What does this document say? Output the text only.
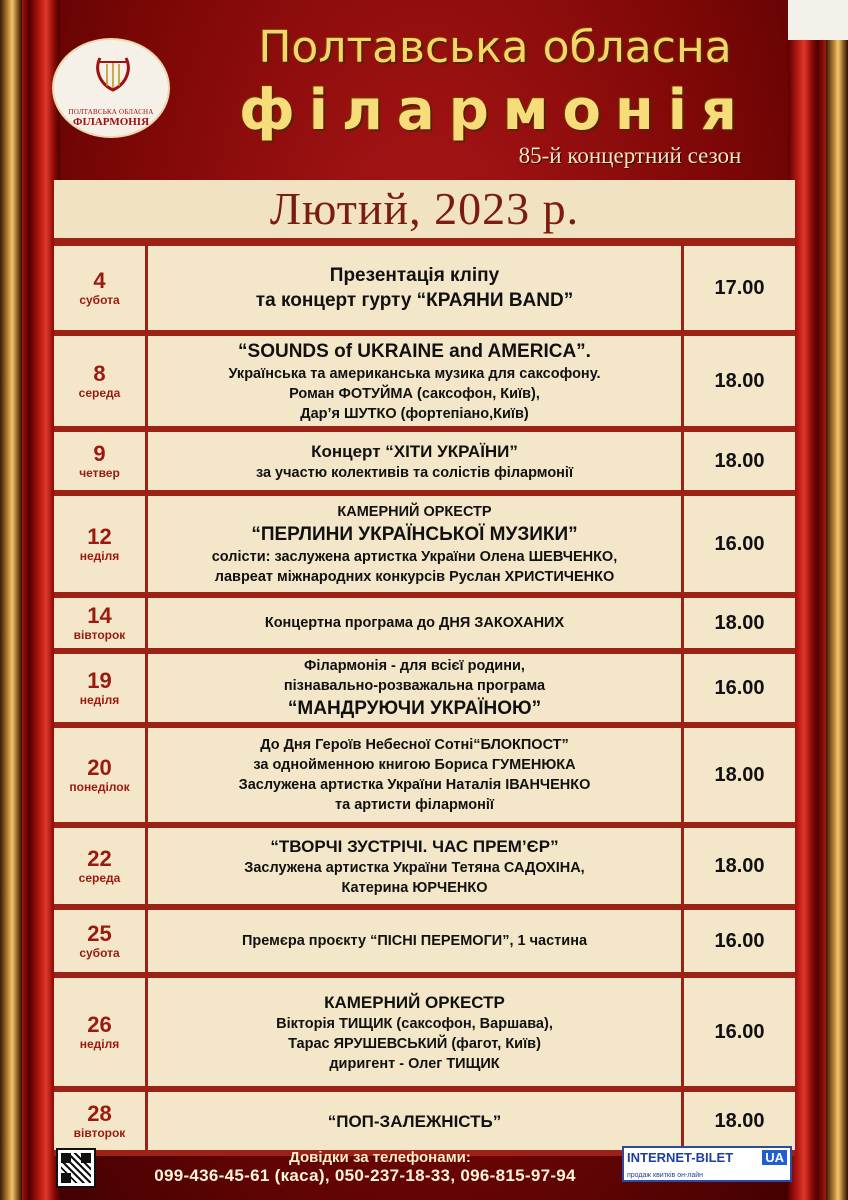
ПОЛТАВСЬКА ОБЛАСНА
ФІЛАРМОНІЯ
Полтавська обласна
філармонія
85-й концертний сезон
Лютий, 2023 р.
4
субота
Презентація кліпу
та концерт гурту “КРАЯНИ BAND”
17.00
8
середа
“SOUNDS of UKRAINE and AMERICA”.
Українська та американська музика для саксофону.
Роман ФОТУЙМА (саксофон, Київ),
Дар’я ШУТКО (фортепіано,Київ)
18.00
9
четвер
Концерт “ХІТИ УКРАЇНИ”
за участю колективів та солістів філармонії
18.00
12
неділя
КАМЕРНИЙ ОРКЕСТР
“ПЕРЛИНИ УКРАЇНСЬКОЇ МУЗИКИ”
солісти: заслужена артистка України Олена ШЕВЧЕНКО,
лавреат міжнародних конкурсів Руслан ХРИСТИЧЕНКО
16.00
14
вівторок
Концертна програма до ДНЯ ЗАКОХАНИХ	18.00
19
неділя
Філармонія - для всієї родини,
пізнавально-розважальна програма
“МАНДРУЮЧИ УКРАЇНОЮ”
16.00
20
понеділок
До Дня Героїв Небесної Сотні“БЛОКПОСТ”
за однойменною книгою Бориса ГУМЕНЮКА
Заслужена артистка України Наталія ІВАНЧЕНКО
та артисти філармонії
18.00
22
середа
“ТВОРЧІ ЗУСТРІЧІ. ЧАС ПРЕМ’ЄР”
Заслужена артистка України Тетяна САДОХІНА,
Катерина ЮРЧЕНКО
18.00
25
субота
Премєра проєкту “ПІСНІ ПЕРЕМОГИ”, 1 частина	16.00
26
неділя
КАМЕРНИЙ ОРКЕСТР
Вікторія ТИЩИК (саксофон, Варшава),
Тарас ЯРУШЕВСЬКИЙ (фагот, Київ)
диригент - Олег ТИЩИК
16.00
28
вівторок
“ПОП-ЗАЛЕЖНІСТЬ”	18.00
Довідки за телефонами:
099-436-45-61 (каса), 050-237-18-33, 096-815-97-94
INTERNET-BILET UA
продаж квитків он-лайн
